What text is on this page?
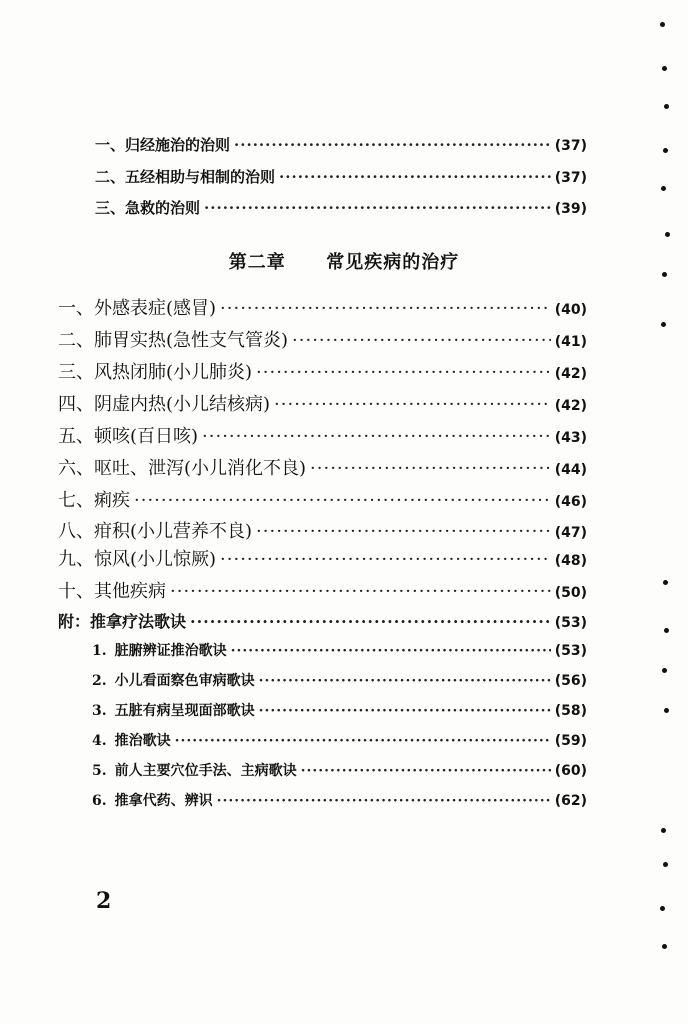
一、 归经施治的治则 ·····	(37)
二、 五经相助与相制的治则 ·····	(37)
三、 急救的治则 ·····	(39)
第二章 常见疾病的治疗
一、 外感表症(感冒) ·····	(40)
二、 肺胃实热(急性支气管炎) ·····	(41)
三、 风热闭肺(小儿肺炎) ·····	(42)
四、 阴虚内热(小儿结核病) ·····	(42)
五、 顿咳(百日咳) ·····	(43)
六、 呕吐、泄泻(小儿消化不良) ·····	(44)
七、 痢疾 ·····	(46)
八、 疳积(小儿营养不良) ·····	(47)
九、 惊风(小儿惊厥) ·····	(48)
十、 其他疾病 ·····	(50)
附： 推拿疗法歌诀 ·····	(53)
1. 脏腑辨证推治歌诀 ·····	(53)
2. 小儿看面察色审病歌诀 ·····	(56)
3. 五脏有病呈现面部歌诀 ·····	(58)
4. 推治歌诀 ·····	(59)
5. 前人主要穴位手法、主病歌诀 ·····	(60)
6. 推拿代药、辨识 ·····	(62)
2
